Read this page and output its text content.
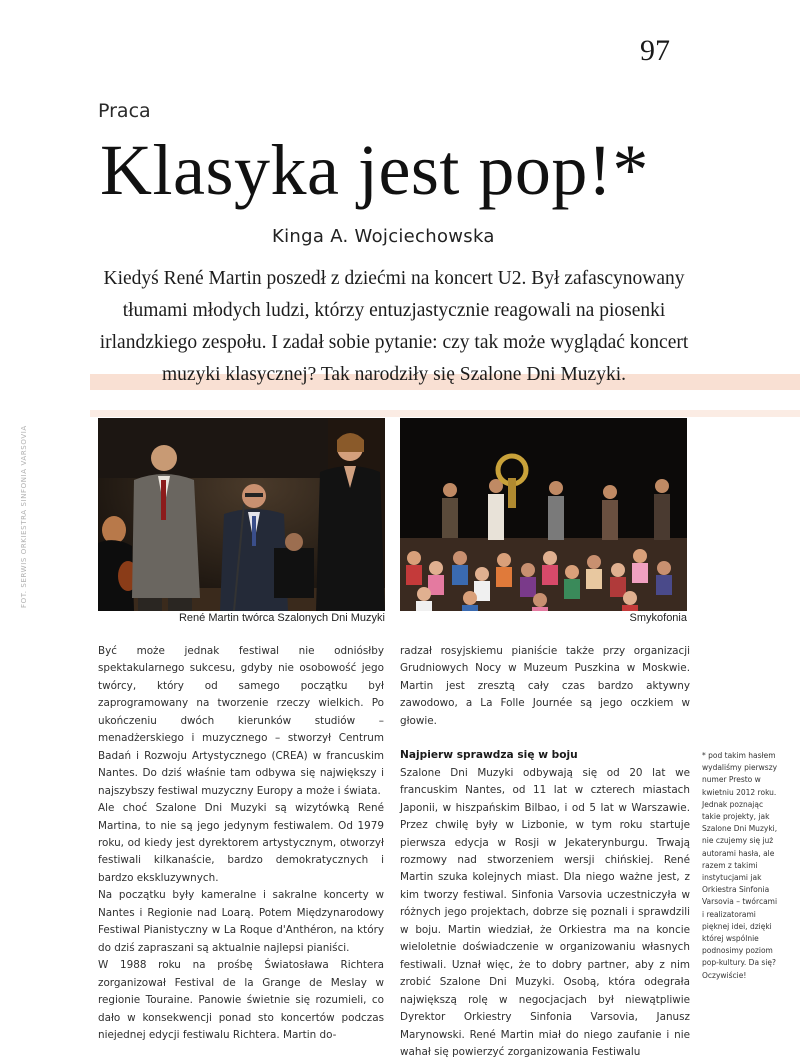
97
Praca
Klasyka jest pop!*
Kinga A. Wojciechowska

Kiedyś René Martin poszedł z dziećmi na koncert U2. Był zafascynowany tłumami młodych ludzi, którzy entuzjastycznie reagowali na piosenki irlandzkiego zespołu. I zadał sobie pytanie: czy tak może wyglądać koncert muzyki klasycznej? Tak narodziły się Szalone Dni Muzyki.

FOT. SERWIS ORKIESTRA SINFONIA VARSOVIA
René Martin twórca Szalonych Dni Muzyki	Smykofonia

Być może jednak festiwal nie odniósłby spektakularnego sukcesu, gdyby nie osobowość jego twórcy, który od samego początku był zaprogramowany na tworzenie rzeczy wielkich. Po ukończeniu dwóch kierunków studiów – menadżerskiego i muzycznego – stworzył Centrum Badań i Rozwoju Artystycznego (CREA) w francuskim Nantes. Do dziś właśnie tam odbywa się największy i najszybszy festiwal muzyczny Europy a może i świata.

Ale choć Szalone Dni Muzyki są wizytówką René Martina, to nie są jego jedynym festiwalem. Od 1979 roku, od kiedy jest dyrektorem artystycznym, otworzył festiwali kilkanaście, bardzo demokratycznych i bardzo ekskluzywnych.

Na początku były kameralne i sakralne koncerty w Nantes i Regionie nad Loarą. Potem Międzynarodowy Festiwal Pianistyczny w La Roque d'Anthéron, na który do dziś zapraszani są aktualnie najlepsi pianiści.

W 1988 roku na prośbę Światosława Richtera zorganizował Festival de la Grange de Meslay w regionie Touraine. Panowie świetnie się rozumieli, co dało w konsekwencji ponad sto koncertów podczas niejednej edycji festiwalu Richtera. Martin do-

radzał rosyjskiemu pianiście także przy organizacji Grudniowych Nocy w Muzeum Puszkina w Moskwie. Martin jest zresztą cały czas bardzo aktywny zawodowo, a La Folle Journée są jego oczkiem w głowie.

Najpierw sprawdza się w boju

Szalone Dni Muzyki odbywają się od 20 lat we francuskim Nantes, od 11 lat w czterech miastach Japonii, w hiszpańskim Bilbao, i od 5 lat w Warszawie. Przez chwilę były w Lizbonie, w tym roku startuje pierwsza edycja w Rosji w Jekaterynburgu. Trwają rozmowy nad stworzeniem wersji chińskiej. René Martin szuka kolejnych miast. Dla niego ważne jest, z kim tworzy festiwal. Sinfonia Varsovia uczestniczyła w różnych jego projektach, dobrze się poznali i sprawdzili w boju. Martin wiedział, że Orkiestra ma na koncie wieloletnie doświadczenie w organizowaniu własnych festiwali. Uznał więc, że to dobry partner, aby z nim zrobić Szalone Dni Muzyki. Osobą, która odegrała największą rolę w negocjacjach był niewątpliwie Dyrektor Orkiestry Sinfonia Varsovia, Janusz Marynowski. René Martin miał do niego zaufanie i nie wahał się powierzyć zorganizowania Festiwalu

* pod takim hasłem wydaliśmy pierwszy numer Presto w kwietniu 2012 roku. Jednak poznając takie projekty, jak Szalone Dni Muzyki, nie czujemy się już autorami hasła, ale razem z takimi instytucjami jak Orkiestra Sinfonia Varsovia – twórcami i realizatorami pięknej idei, dzięki której wspólnie podnosimy poziom pop-kultury. Da się? Oczywiście!
